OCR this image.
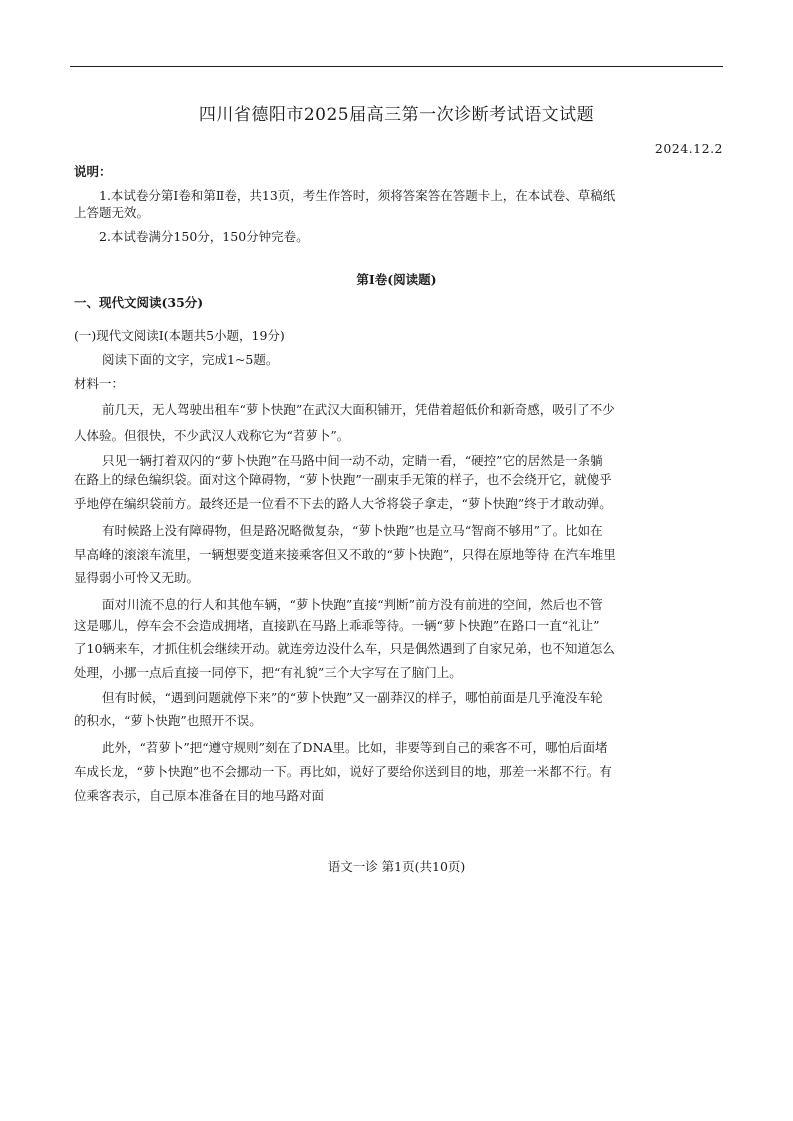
四川省德阳市2025届高三第一次诊断考试语文试题
2024.12.2
说明：
1.本试卷分第Ⅰ卷和第Ⅱ卷，共13页，考生作答时，须将答案答在答题卡上，在本试卷、草稿纸
上答题无效。
2.本试卷满分150分，150分钟完卷。
第Ⅰ卷(阅读题)
一、现代文阅读(35分)
(一)现代文阅读Ⅰ(本题共5小题，19分)
阅读下面的文字，完成1~5题。
材料一：
前几天，无人驾驶出租车“萝卜快跑”在武汉大面积铺开，凭借着超低价和新奇感，吸引了不少
人体验。但很快，不少武汉人戏称它为“苕萝卜”。
只见一辆打着双闪的“萝卜快跑”在马路中间一动不动，定睛一看，“硬控”它的居然是一条躺
在路上的绿色编织袋。面对这个障碍物，“萝卜快跑”一副束手无策的样子，也不会绕开它，就傻乎
乎地停在编织袋前方。最终还是一位看不下去的路人大爷将袋子拿走，“萝卜快跑”终于才敢动弹。
有时候路上没有障碍物，但是路况略微复杂，“萝卜快跑”也是立马“智商不够用”了。比如在
早高峰的滚滚车流里，一辆想要变道来接乘客但又不敢的“萝卜快跑”，只得在原地等待 在汽车堆里
显得弱小可怜又无助。
面对川流不息的行人和其他车辆，“萝卜快跑”直接“判断”前方没有前进的空间，然后也不管
这是哪儿，停车会不会造成拥堵，直接趴在马路上乖乖等待。一辆“萝卜快跑”在路口一直“礼让”
了10辆来车，才抓住机会继续开动。就连旁边没什么车，只是偶然遇到了自家兄弟，也不知道怎么
处理，小挪一点后直接一同停下，把“有礼貌”三个大字写在了脑门上。
但有时候，“遇到问题就停下来”的“萝卜快跑”又一副莽汉的样子，哪怕前面是几乎淹没车轮
的积水，“萝卜快跑”也照开不误。
此外，“苕萝卜”把“遵守规则”刻在了DNA里。比如，非要等到自己的乘客不可，哪怕后面堵
车成长龙，“萝卜快跑”也不会挪动一下。再比如，说好了要给你送到目的地，那差一米都不行。有
位乘客表示，自己原本准备在目的地马路对面
语文一诊 第1页(共10页)
